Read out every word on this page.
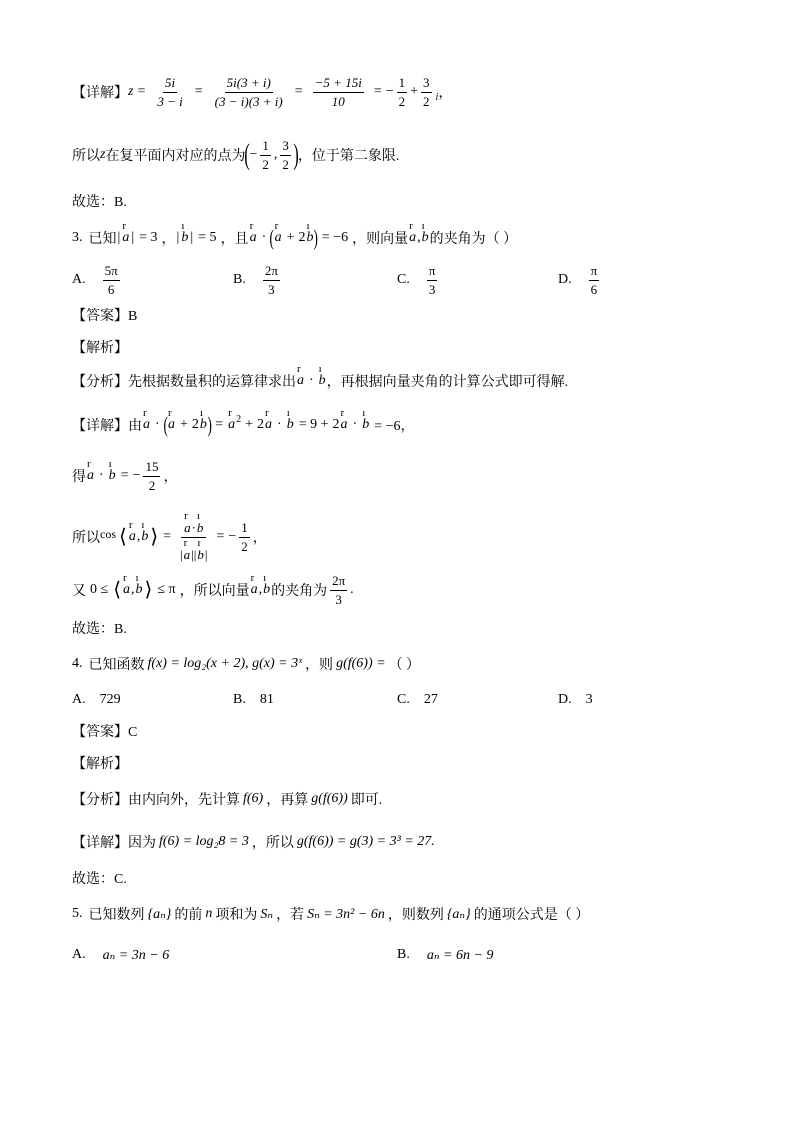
【详解】 $z = \frac{5i}{3 - i} = \frac{5i(3 + i)}{(3 - i)(3 + i)} = \frac{-5 + 15i}{10}$ = − $\frac{1}{2} + \frac{3}{2}$ i ，
所以 z 在复平面内对应的点为 ( − $\frac{1}{2}$ , $\frac{3}{2}$ ) ，位于第二象限.
故选：B.
3. 已知 |
r
a | = 3 ， |
ı
b | = 5 ，且
r
a · ( r
a + 2
ı
b ) = −6 ，则向量
r
a ,
ı
b 的夹角为（ ）
A. $\frac{5\pi}{6}$	B. $\frac{2\pi}{3}$	C. $\frac{\pi}{3}$	D. $\frac{\pi}{6}$
【答案】B
【解析】
【分析】 先根据数量积的运算律求出
r
a ·
ı
b ，再根据向量夹角的计算公式即可得解.
【详解】 由
r
a · ( r
a + 2
ı
b ) =
r
a 2 + 2
r
a ·
ı
b = 9 + 2
r
a ·
ı
b = −6，
得
r
a ·
ı
b = − $\frac{15}{2}$ ，
所以 cos ⟨
r
a ,
ı
b ⟩ = r
a ·
ı
b
|
r
a | |
ı
b | = − $\frac{1}{2}$ ，
又 0 ≤ ⟨
r
a ,
ı
b ⟩ ≤ π ，所以向量
r
a ,
ı
b 的夹角为 $\frac{2\pi}{3}$ .
故选：B.
4. 已知函数 f(x) = log₂(x + 2), g(x) = 3ˣ ，则 g(f(6)) = （ ）
A. 729	B. 81	C. 27	D. 3
【答案】C
【解析】
【分析】 由内向外，先计算 f(6) ，再算 g(f(6)) 即可.
【详解】 因为 f(6) = log₂8 = 3 ，所以 g(f(6)) = g(3) = 3³ = 27.
故选：C.
5. 已知数列 {aₙ} 的前 n 项和为 Sₙ ，若 Sₙ = 3n² − 6n ，则数列 {aₙ} 的通项公式是（ ）
A. aₙ = 3n − 6	B. aₙ = 6n − 9
